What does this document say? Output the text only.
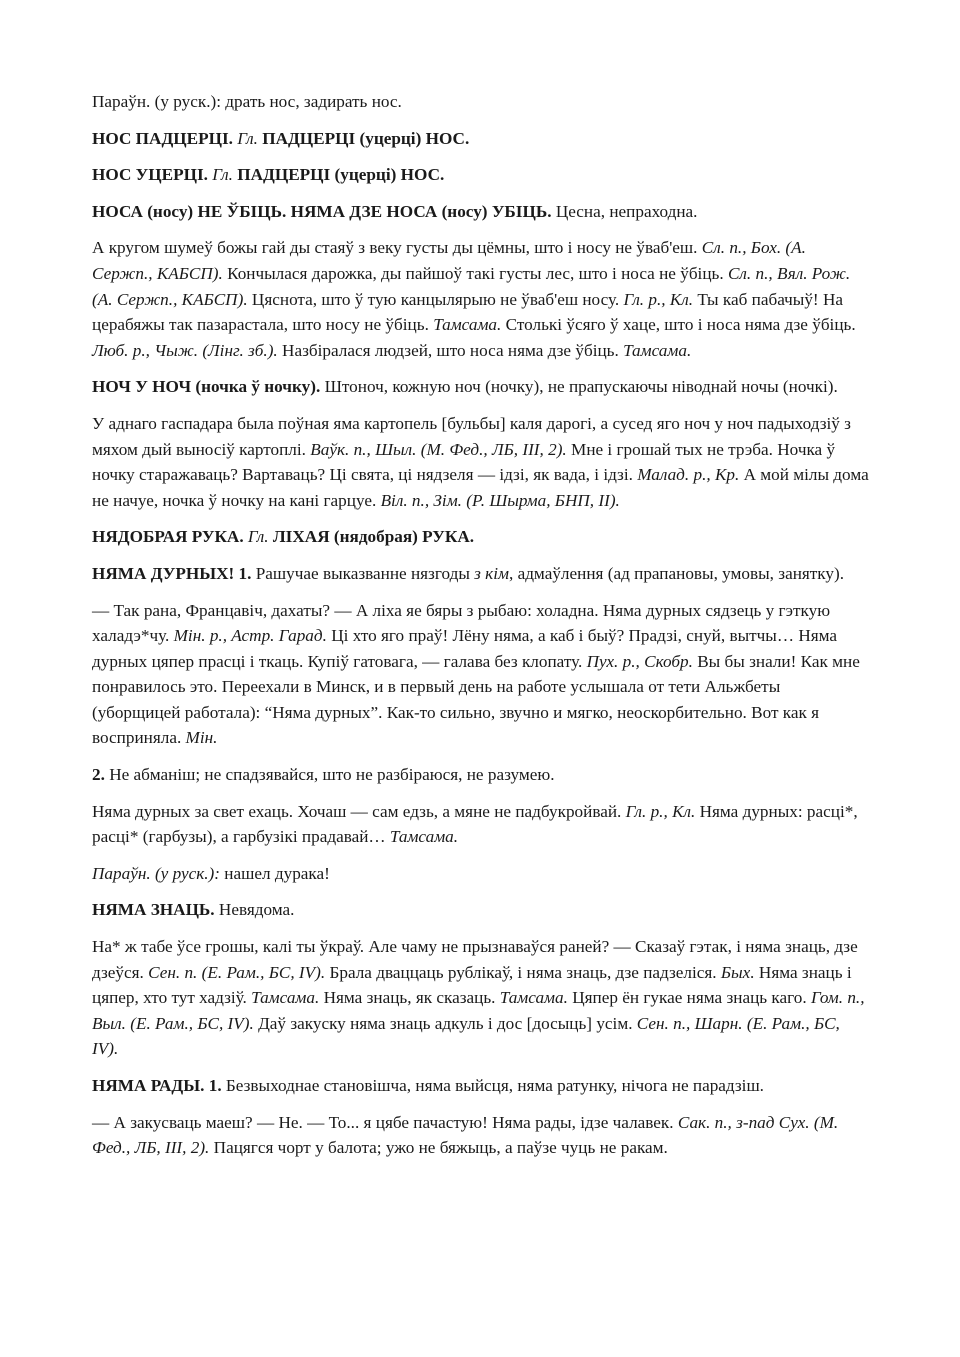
Параўн. (у руск.): драть нос, задирать нос.

НОС ПАДЦЕРЦІ. Гл. ПАДЦЕРЦІ (уцерці) НОС.

НОС УЦЕРЦІ. Гл. ПАДЦЕРЦІ (уцерці) НОС.

НОСА (носу) НЕ ЎБІЦЬ. НЯМА ДЗЕ НОСА (носу) УБІЦЬ. Цесна, непраходна.

А кругом шумеў божы гай ды стаяў з веку густы ды цёмны, што і носу не ўваб'еш. Сл. п., Бох. (А. Сержп., КАБСП). Кончылася дарожка, ды пайшоў такі густы лес, што і носа не ўбіць. Сл. п., Вял. Рож. (А. Сержп., КАБСП). Цяснота, што ў тую канцылярыю не ўваб'еш носу. Гл. р., Кл. Ты каб пабачыў! На церабяжы так пазарастала, што носу не ўбіць. Тамсама. Столькі ўсяго ў хаце, што і носа няма дзе ўбіць. Люб. р., Чыж. (Лінг. зб.). Назбіралася людзей, што носа няма дзе ўбіць. Тамсама.

НОЧ У НОЧ (ночка ў ночку). Штоноч, кожную ноч (ночку), не прапускаючы ніводнай ночы (ночкі).

У аднаго гаспадара была поўная яма картопель [бульбы] каля дарогі, а сусед яго ноч у ноч падыходзіў з мяхом дый выносіў картоплі. Ваўк. п., Шыл. (М. Фед., ЛБ, III, 2). Мне і грошай тых не трэба. Ночка ў ночку старажаваць? Вартаваць? Ці свята, ці нядзеля — ідзі, як вада, і ідзі. Малад. р., Кр. А мой мілы дома не начуе, ночка ў ночку на кані гарцуе. Віл. п., Зім. (Р. Шырма, БНП, II).

НЯДОБРАЯ РУКА. Гл. ЛІХАЯ (нядобрая) РУКА.

НЯМА ДУРНЫХ! 1. Рашучае выказванне нязгоды з кім, адмаўлення (ад прапановы, умовы, занятку).

— Так рана, Францавіч, дахаты? — А ліха яе бяры з рыбаю: холадна. Няма дурных сядзець у гэткую халадэ*чу. Мін. р., Астр. Гарад. Ці хто яго праў! Лёну няма, а каб і быў? Прадзі, снуй, вытчы… Няма дурных цяпер прасці і ткаць. Купіў гатовага, — галава без клопату. Пух. р., Скобр. Вы бы знали! Как мне понравилось это. Переехали в Минск, и в первый день на работе услышала от тети Альжбеты (уборщицей работала): “Няма дурных”. Как-то сильно, звучно и мягко, неоскорбительно. Вот как я восприняла. Мін.

2. Не абманіш; не спадзявайся, што не разбіраюся, не разумею.

Няма дурных за свет ехаць. Хочаш — сам едзь, а мяне не падбукройвай. Гл. р., Кл. Няма дурных: расці*, расці* (гарбузы), а гарбузікі прадавай… Тамсама.

Параўн. (у руск.): нашел дурака!

НЯМА ЗНАЦЬ. Невядома.

На* ж табе ўсе грошы, калі ты ўкраў. Але чаму не прызнаваўся раней? — Сказаў гэтак, і няма знаць, дзе дзеўся. Сен. п. (Е. Рам., БС, IV). Брала дваццаць рублікаў, і няма знаць, дзе падзеліся. Бых. Няма знаць і цяпер, хто тут хадзіў. Тамсама. Няма знаць, як сказаць. Тамсама. Цяпер ён гукае няма знаць каго. Гом. п., Выл. (Е. Рам., БС, IV). Даў закуску няма знаць адкуль і дос [досыць] усім. Сен. п., Шарн. (Е. Рам., БС, IV).

НЯМА РАДЫ. 1. Безвыходнае становішча, няма выйсця, няма ратунку, нічога не парадзіш.

— А закусваць маеш? — Не. — То... я цябе пачастую! Няма рады, ідзе чалавек. Сак. п., з-пад Сух. (М. Фед., ЛБ, III, 2). Пацягся чорт у балота; ужо не бяжыць, а паўзе чуць не ракам.
